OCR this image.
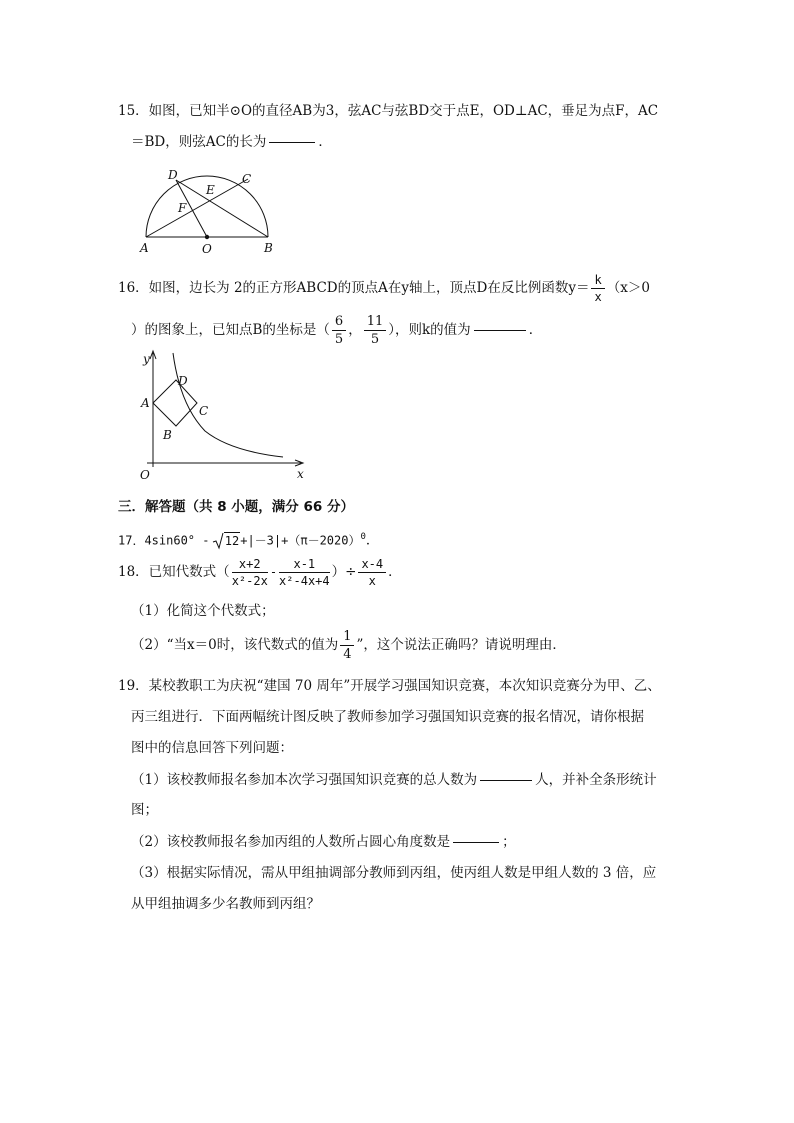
15．如图，已知半⊙O的直径AB为3，弦AC与弦BD交于点E，OD⊥AC，垂足为点F，AC
＝BD，则弦AC的长为	．
A	O	B
D	C
E
F
16．如图，边长为 2的正方形ABCD的顶点A在y轴上，顶点D在反比例函数$y= \frac{k}{x} (x>0$
）的图象上，已知点B的坐标是（ $\frac{6}{5}$ ， $\frac{11}{5}$ ），则k的值为	．
y
x
O
A
B
C
D
三．解答题（共 8 小题，满分 66 分）
17．$4\sin 60^\circ - 12+|-3|+(\pi-2020)^0$．
18．已知代数式（ $\frac{x+2}{\text{x²-2x}} - \frac{x-1}{\text{x²-4x+4}}$ ）÷ $\frac{x-4}{x}$ ．
（1）化简这个代数式；
（2）“当x＝0时，该代数式的值为 $\frac{1}{4}$ ”，这个说法正确吗？请说明理由．
19．某校教职工为庆祝“建国 70 周年”开展学习强国知识竞赛，本次知识竞赛分为甲、乙、
丙三组进行．下面两幅统计图反映了教师参加学习强国知识竞赛的报名情况，请你根据
图中的信息回答下列问题：
（1）该校教师报名参加本次学习强国知识竞赛的总人数为	人，并补全条形统计
图；
（2）该校教师报名参加丙组的人数所占圆心角度数是	；
（3）根据实际情况，需从甲组抽调部分教师到丙组，使丙组人数是甲组人数的 3 倍，应
从甲组抽调多少名教师到丙组？
